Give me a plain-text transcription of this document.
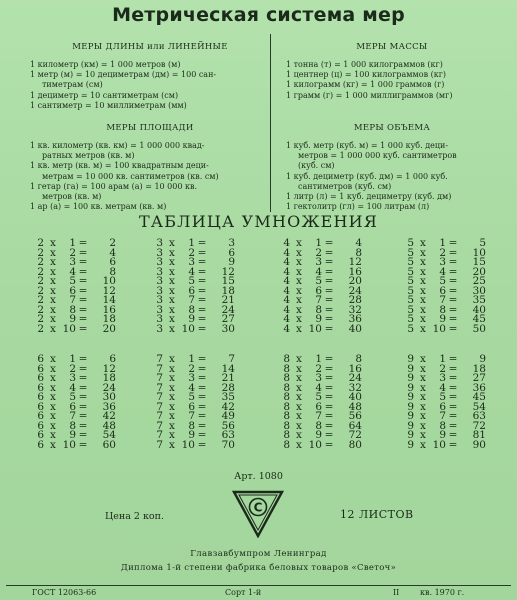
Метрическая система мер
МЕРЫ ДЛИНЫ или ЛИНЕЙНЫЕ
1 километр (км) = 1 000 метров (м)
1 метр (м) = 10 дециметрам (дм) = 100 сан-
тиметрам (см)
1 дециметр = 10 сантиметрам (см)
1 сантиметр = 10 миллиметрам (мм)
МЕРЫ МАССЫ
1 тонна (т) = 1 000 килограммов (кг)
1 центнер (ц) = 100 килограммов (кг)
1 килограмм (кг) = 1 000 граммов (г)
1 грамм (г) = 1 000 миллиграммов (мг)
МЕРЫ ПЛОЩАДИ
1 кв. километр (кв. км) = 1 000 000 квад-
ратных метров (кв. м)
1 кв. метр (кв. м) = 100 квадратным деци-
метрам = 10 000 кв. сантиметров (кв. см)
1 гетар (га) = 100 арам (а) = 10 000 кв.
метров (кв. м)
1 ар (а) = 100 кв. метрам (кв. м)
МЕРЫ ОБЪЕМА
1 куб. метр (куб. м) = 1 000 куб. деци-
метров = 1 000 000 куб. сантиметров
(куб. см)
1 куб. дециметр (куб. дм) = 1 000 куб.
сантиметров (куб. см)
1 литр (л) = 1 куб. дециметру (куб. дм)
1 гектолитр (гл) = 100 литрам (л)
ТАБЛИЦА УМНОЖЕНИЯ
2 x	1 =	2
2 x	2 =	4
2 x	3 =	6
2 x	4 =	8
2 x	5 =	10
2 x	6 =	12
2 x	7 =	14
2 x	8 =	16
2 x	9 =	18
2 x 10 =	20
3 x	1 =	3
3 x	2 =	6
3 x	3 =	9
3 x	4 =	12
3 x	5 =	15
3 x	6 =	18
3 x	7 =	21
3 x	8 =	24
3 x	9 =	27
3 x 10 =	30
4 x	1 =	4
4 x	2 =	8
4 x	3 =	12
4 x	4 =	16
4 x	5 =	20
4 x	6 =	24
4 x	7 =	28
4 x	8 =	32
4 x	9 =	36
4 x 10 =	40
5 x	1 =	5
5 x	2 =	10
5 x	3 =	15
5 x	4 =	20
5 x	5 =	25
5 x	6 =	30
5 x	7 =	35
5 x	8 =	40
5 x	9 =	45
5 x 10 =	50
6 x	1 =	6
6 x	2 =	12
6 x	3 =	18
6 x	4 =	24
6 x	5 =	30
6 x	6 =	36
6 x	7 =	42
6 x	8 =	48
6 x	9 =	54
6 x 10 =	60
7 x	1 =	7
7 x	2 =	14
7 x	3 =	21
7 x	4 =	28
7 x	5 =	35
7 x	6 =	42
7 x	7 =	49
7 x	8 =	56
7 x	9 =	63
7 x 10 =	70
8 x	1 =	8
8 x	2 =	16
8 x	3 =	24
8 x	4 =	32
8 x	5 =	40
8 x	6 =	48
8 x	7 =	56
8 x	8 =	64
8 x	9 =	72
8 x 10 =	80
9 x	1 =	9
9 x	2 =	18
9 x	3 =	27
9 x	4 =	36
9 x	5 =	45
9 x	6 =	54
9 x	7 =	63
9 x	8 =	72
9 x	9 =	81
9 x 10 =	90
Арт. 1080
Цена 2 коп.	12 ЛИСТОВ
С
Главзавбумпром Ленинград
Диплома 1-й степени фабрика беловых товаров «Светоч»
ГОСТ 12063-66	Сорт 1-й	II	кв. 1970 г.
